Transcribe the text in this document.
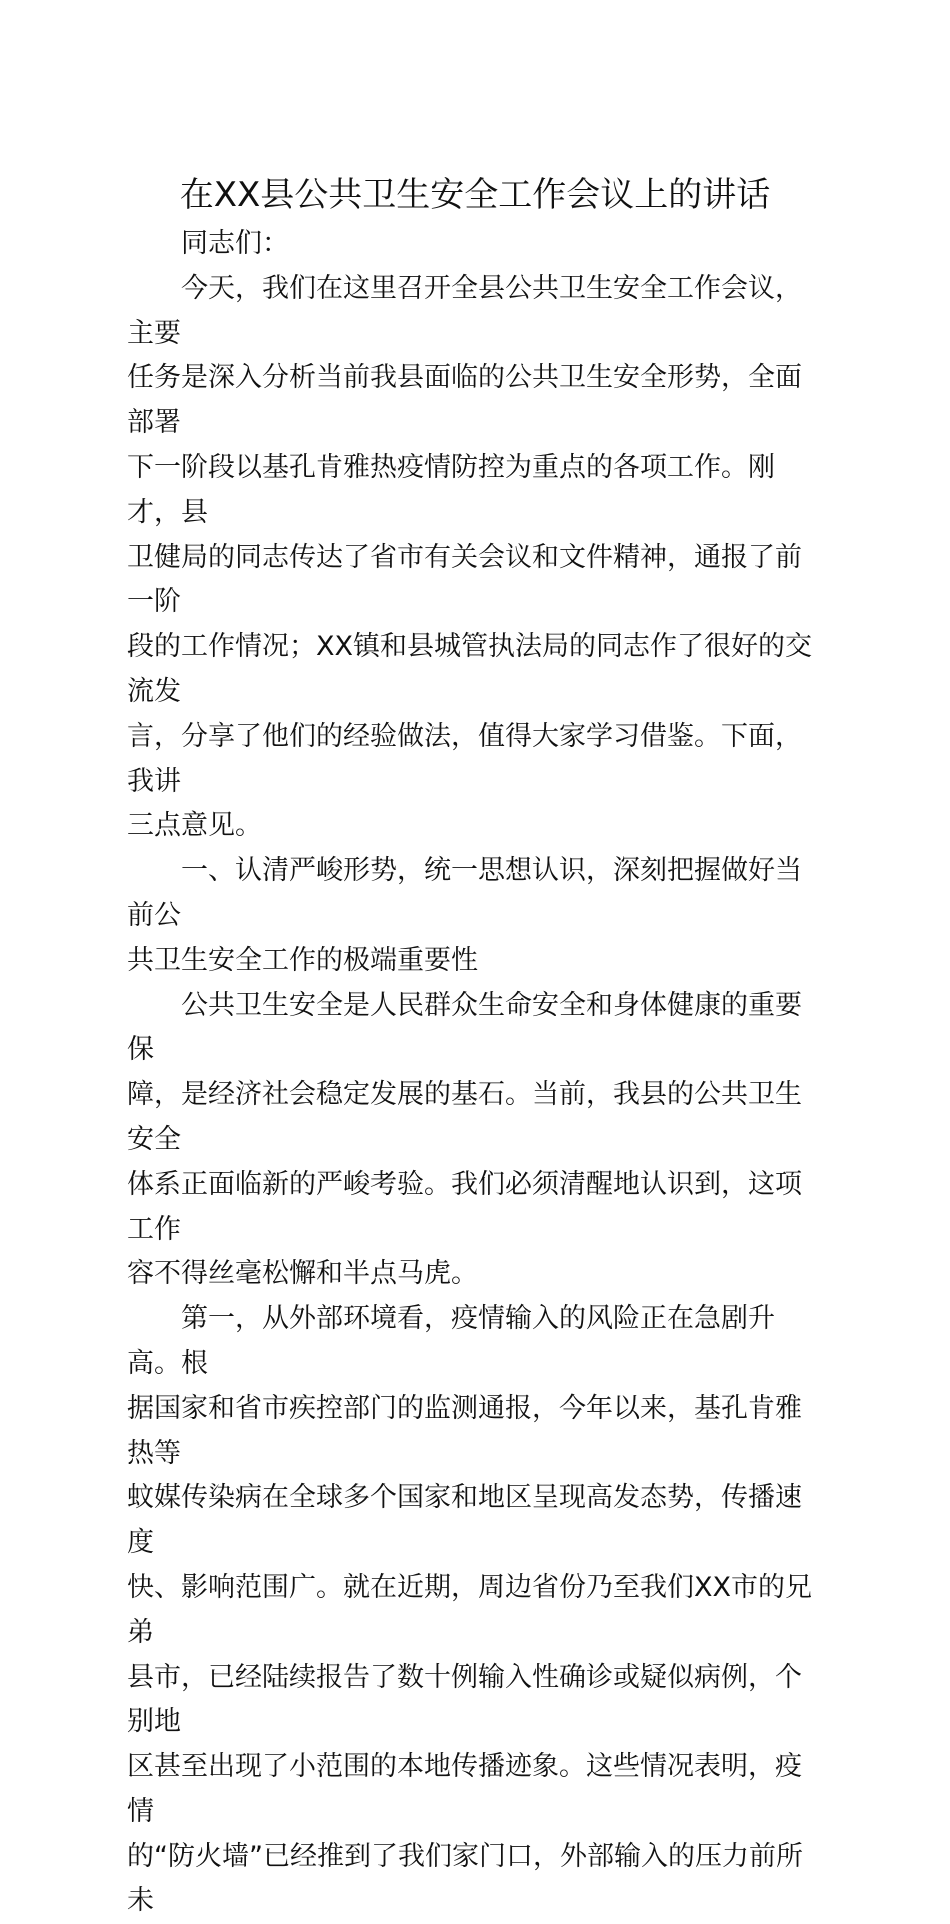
在XX县公共卫生安全工作会议上的讲话

同志们：

今天，我们在这里召开全县公共卫生安全工作会议，主要
任务是深入分析当前我县面临的公共卫生安全形势，全面部署
下一阶段以基孔肯雅热疫情防控为重点的各项工作。刚才，县
卫健局的同志传达了省市有关会议和文件精神，通报了前一阶
段的工作情况；XX镇和县城管执法局的同志作了很好的交流发
言，分享了他们的经验做法，值得大家学习借鉴。下面，我讲
三点意见。

一、认清严峻形势，统一思想认识，深刻把握做好当前公
共卫生安全工作的极端重要性

公共卫生安全是人民群众生命安全和身体健康的重要保
障，是经济社会稳定发展的基石。当前，我县的公共卫生安全
体系正面临新的严峻考验。我们必须清醒地认识到，这项工作
容不得丝毫松懈和半点马虎。

第一，从外部环境看，疫情输入的风险正在急剧升高。根
据国家和省市疾控部门的监测通报，今年以来，基孔肯雅热等
蚊媒传染病在全球多个国家和地区呈现高发态势，传播速度
快、影响范围广。就在近期，周边省份乃至我们XX市的兄弟
县市，已经陆续报告了数十例输入性确诊或疑似病例，个别地
区甚至出现了小范围的本地传播迹象。这些情况表明，疫情
的“防火墙”已经推到了我们家门口，外部输入的压力前所未
